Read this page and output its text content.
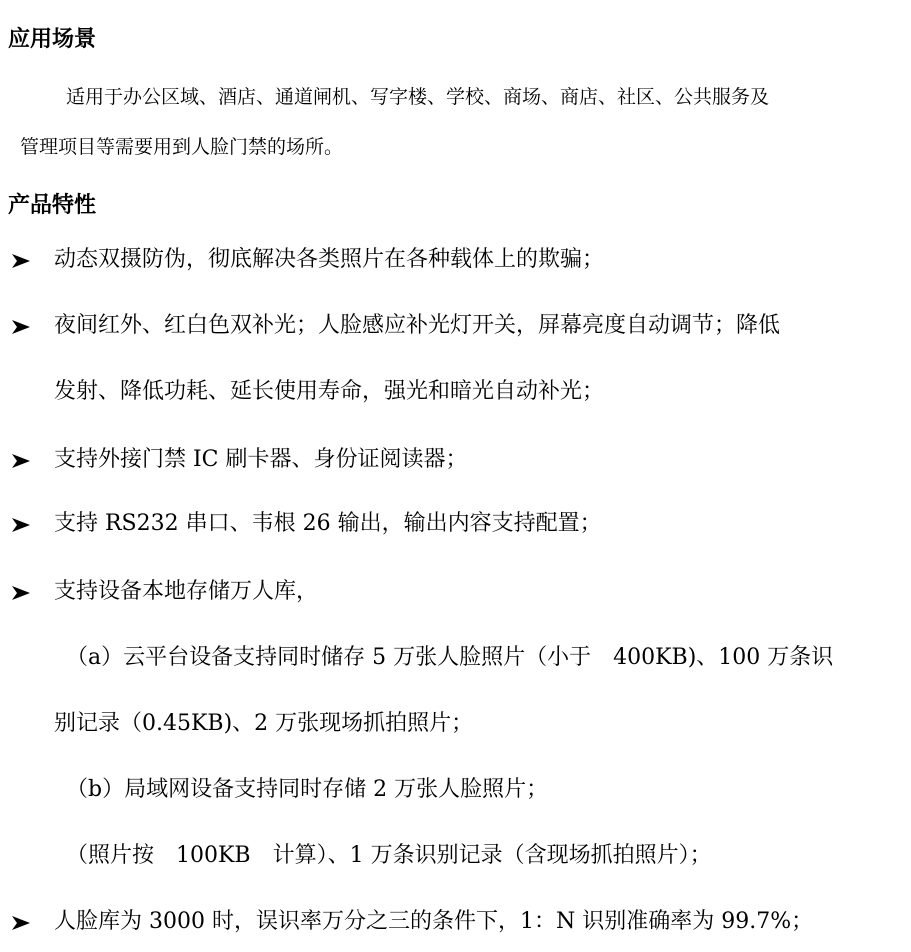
应用场景
适用于办公区域、酒店、通道闸机、写字楼、学校、商场、商店、社区、公共服务及
管理项目等需要用到人脸门禁的场所。
产品特性
动态双摄防伪，彻底解决各类照片在各种载体上的欺骗；
夜间红外、红白色双补光；人脸感应补光灯开关，屏幕亮度自动调节；降低
发射、降低功耗、延长使用寿命，强光和暗光自动补光；
支持外接门禁 IC 刷卡器、身份证阅读器；
支持 RS232 串口、韦根 26 输出，输出内容支持配置；
支持设备本地存储万人库，
（a）云平台设备支持同时储存 5 万张人脸照片（小于　400KB)、100 万条识
别记录（0.45KB)、2 万张现场抓拍照片；
（b）局域网设备支持同时存储 2 万张人脸照片；
（照片按　100KB　计算）、1 万条识别记录（含现场抓拍照片）；
人脸库为 3000 时，误识率万分之三的条件下，1：N 识别准确率为 99.7%；
